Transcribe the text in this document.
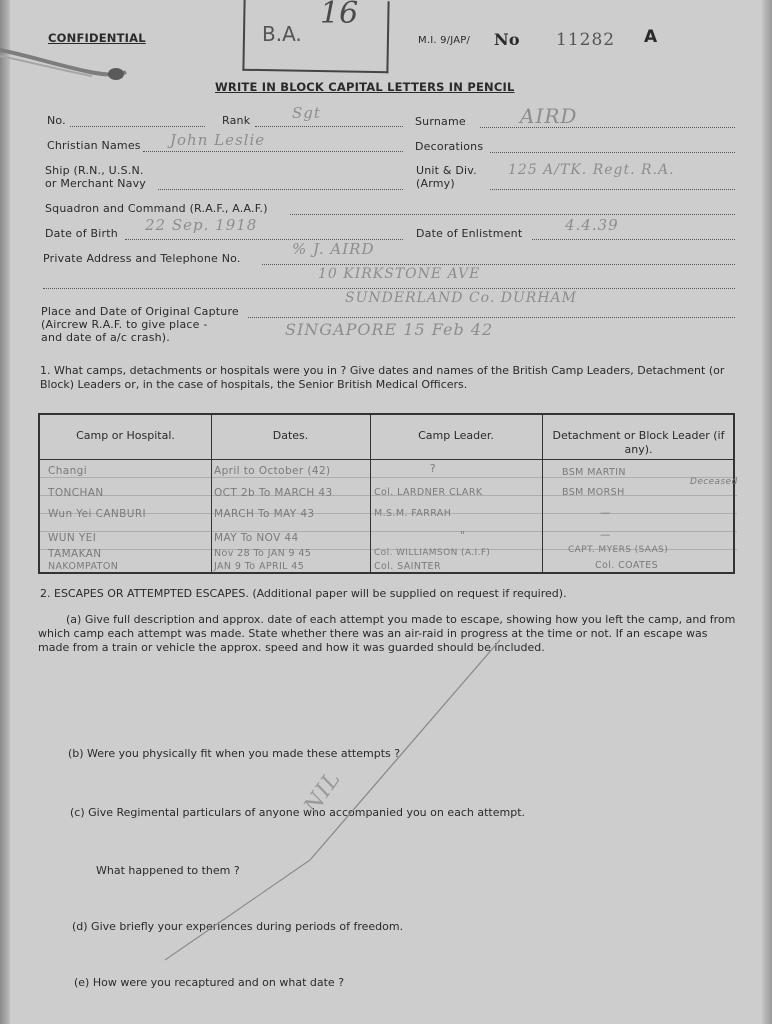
CONFIDENTIAL	B.A.
16
M.I. 9/JAP/ No 11282 A
WRITE IN BLOCK CAPITAL LETTERS IN PENCIL
No.	Rank	Sgt	Surname	AIRD
Christian Names John Leslie	Decorations
Ship (R.N., U.S.N.
or Merchant Navy
Unit & Div.
(Army)
125 A/TK. Regt. R.A.
Squadron and Command (R.A.F., A.A.F.)
Date of Birth 22 Sep. 1918	Date of Enlistment	4.4.39
Private Address and Telephone No.
% J. AIRD
10 KIRKSTONE AVE
SUNDERLAND Co. DURHAM
Place and Date of Original Capture
(Aircrew R.A.F. to give place -
and date of a/c crash).	SINGAPORE 15 Feb 42
1. What camps, detachments or hospitals were you in ? Give dates and names of the British Camp Leaders, Detachment (or Block) Leaders or, in the case of hospitals, the Senior British Medical Officers.
Camp or Hospital.	Dates.	Camp Leader.	Detachment or Block Leader (if any).
Changi	April to October (42)	?	BSM MARTIN
TONCHAN	OCT 2b To MARCH 43	Col. LARDNER CLARK	BSM MORSH
Wun Yei CANBURI	MARCH To MAY 43	M.S.M. FARRAH	—
WUN YEI	MAY To NOV 44	"	—
TAMAKAN	Nov 28 To JAN 9 45	Col. WILLIAMSON (A.I.F)	CAPT. MYERS (SAAS)
NAKOMPATON	JAN 9 To APRIL 45	Col. SAINTER	Col. COATES
Deceased
2. ESCAPES OR ATTEMPTED ESCAPES. (Additional paper will be supplied on request if required).
(a) Give full description and approx. date of each attempt you made to escape, showing how you left the camp, and from which camp each attempt was made. State whether there was an air-raid in progress at the time or not. If an escape was made from a train or vehicle the approx. speed and how it was guarded should be included.
(b) Were you physically fit when you made these attempts ?
(c) Give Regimental particulars of anyone who accompanied you on each attempt.
What happened to them ?
(d) Give briefly your experiences during periods of freedom.
(e) How were you recaptured and on what date ?
NIL
